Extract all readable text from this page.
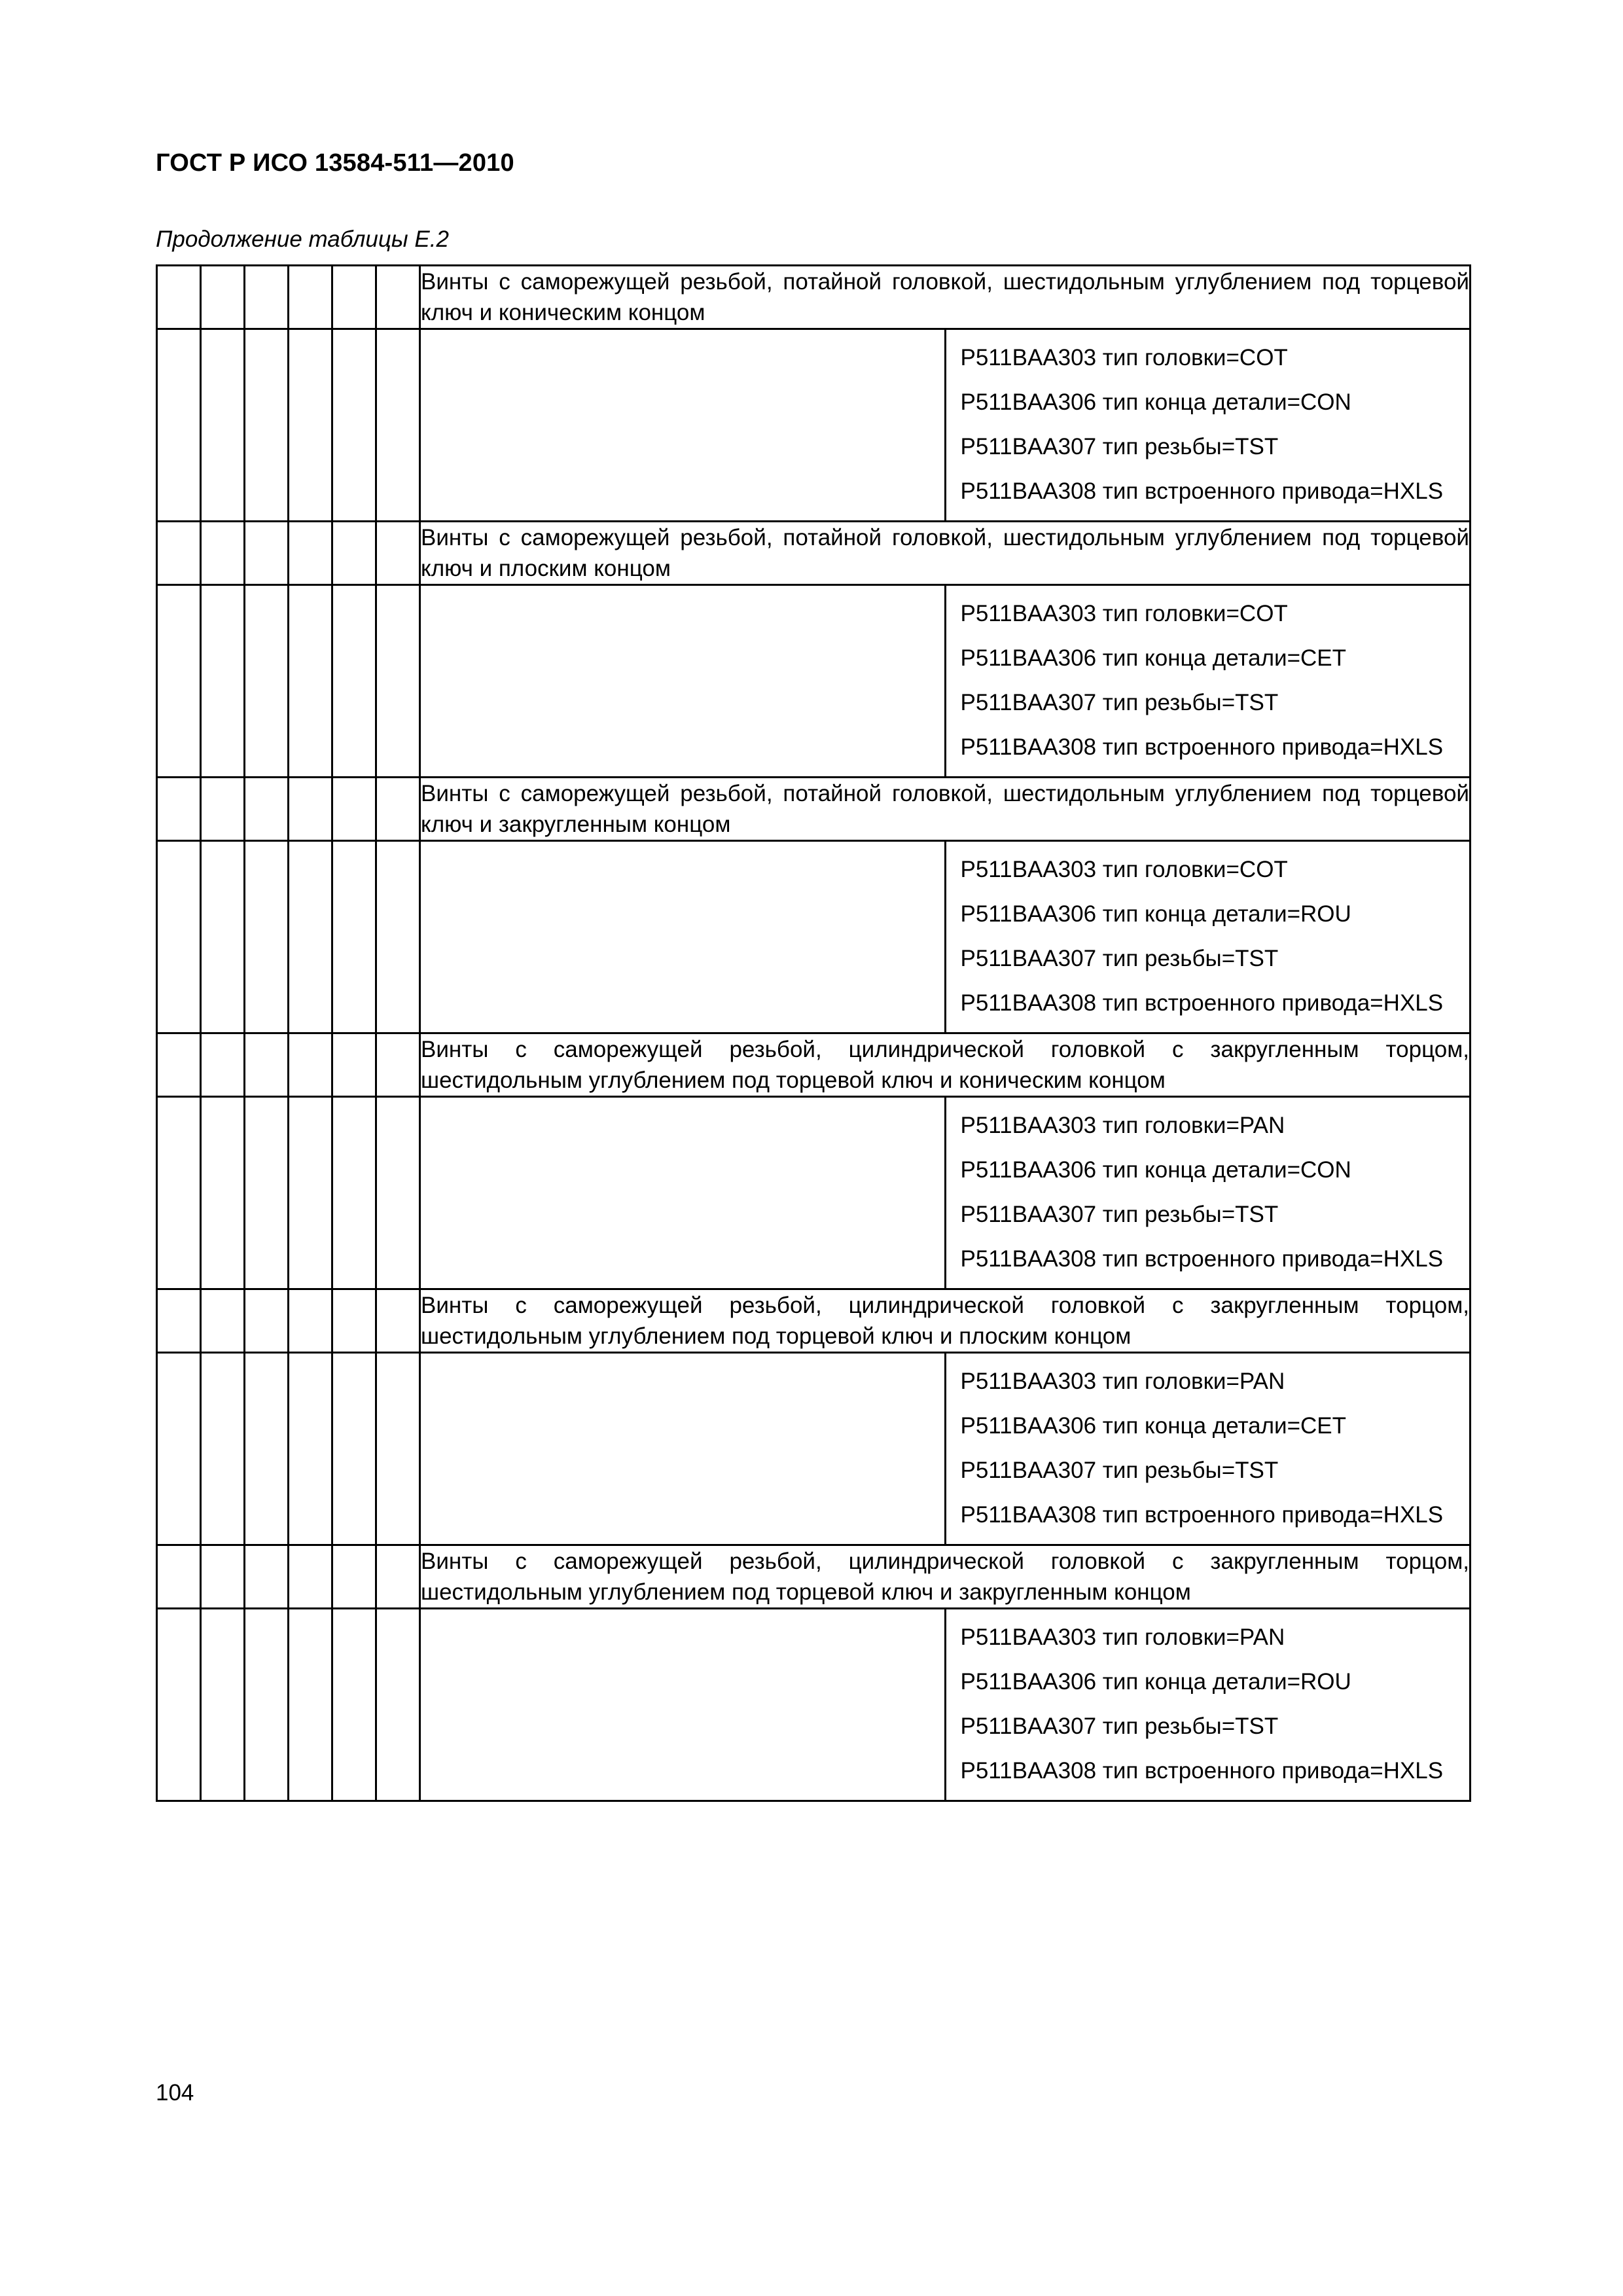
ГОСТ Р ИСО 13584-511—2010
Продолжение таблицы Е.2
						Винты с саморежущей резьбой, потайной головкой, шестидольным углублением под торцевой ключ и коническим концом	

							P511BAA303 тип головки=COT
P511BAA306 тип конца детали=CON
P511BAA307 тип резьбы=TST
P511BAA308 тип встроенного привода=HXLS

						Винты с саморежущей резьбой, потайной головкой, шестидольным углублением под торцевой ключ и плоским концом	

							P511BAA303 тип головки=COT
P511BAA306 тип конца детали=CET
P511BAA307 тип резьбы=TST
P511BAA308 тип встроенного привода=HXLS

						Винты с саморежущей резьбой, потайной головкой, шестидольным углублением под торцевой ключ и закругленным концом	

							P511BAA303 тип головки=COT
P511BAA306 тип конца детали=ROU
P511BAA307 тип резьбы=TST
P511BAA308 тип встроенного привода=HXLS

						Винты с саморежущей резьбой, цилиндрической головкой с закругленным торцом, шестидольным углублением под торцевой ключ и коническим концом	

							P511BAA303 тип головки=PAN
P511BAA306 тип конца детали=CON
P511BAA307 тип резьбы=TST
P511BAA308 тип встроенного привода=HXLS

						Винты с саморежущей резьбой, цилиндрической головкой с закругленным торцом, шестидольным углублением под торцевой ключ и плоским концом	

							P511BAA303 тип головки=PAN
P511BAA306 тип конца детали=CET
P511BAA307 тип резьбы=TST
P511BAA308 тип встроенного привода=HXLS

						Винты с саморежущей резьбой, цилиндрической головкой с закругленным торцом, шестидольным углублением под торцевой ключ и закругленным концом	

							P511BAA303 тип головки=PAN
P511BAA306 тип конца детали=ROU
P511BAA307 тип резьбы=TST
P511BAA308 тип встроенного привода=HXLS
104
